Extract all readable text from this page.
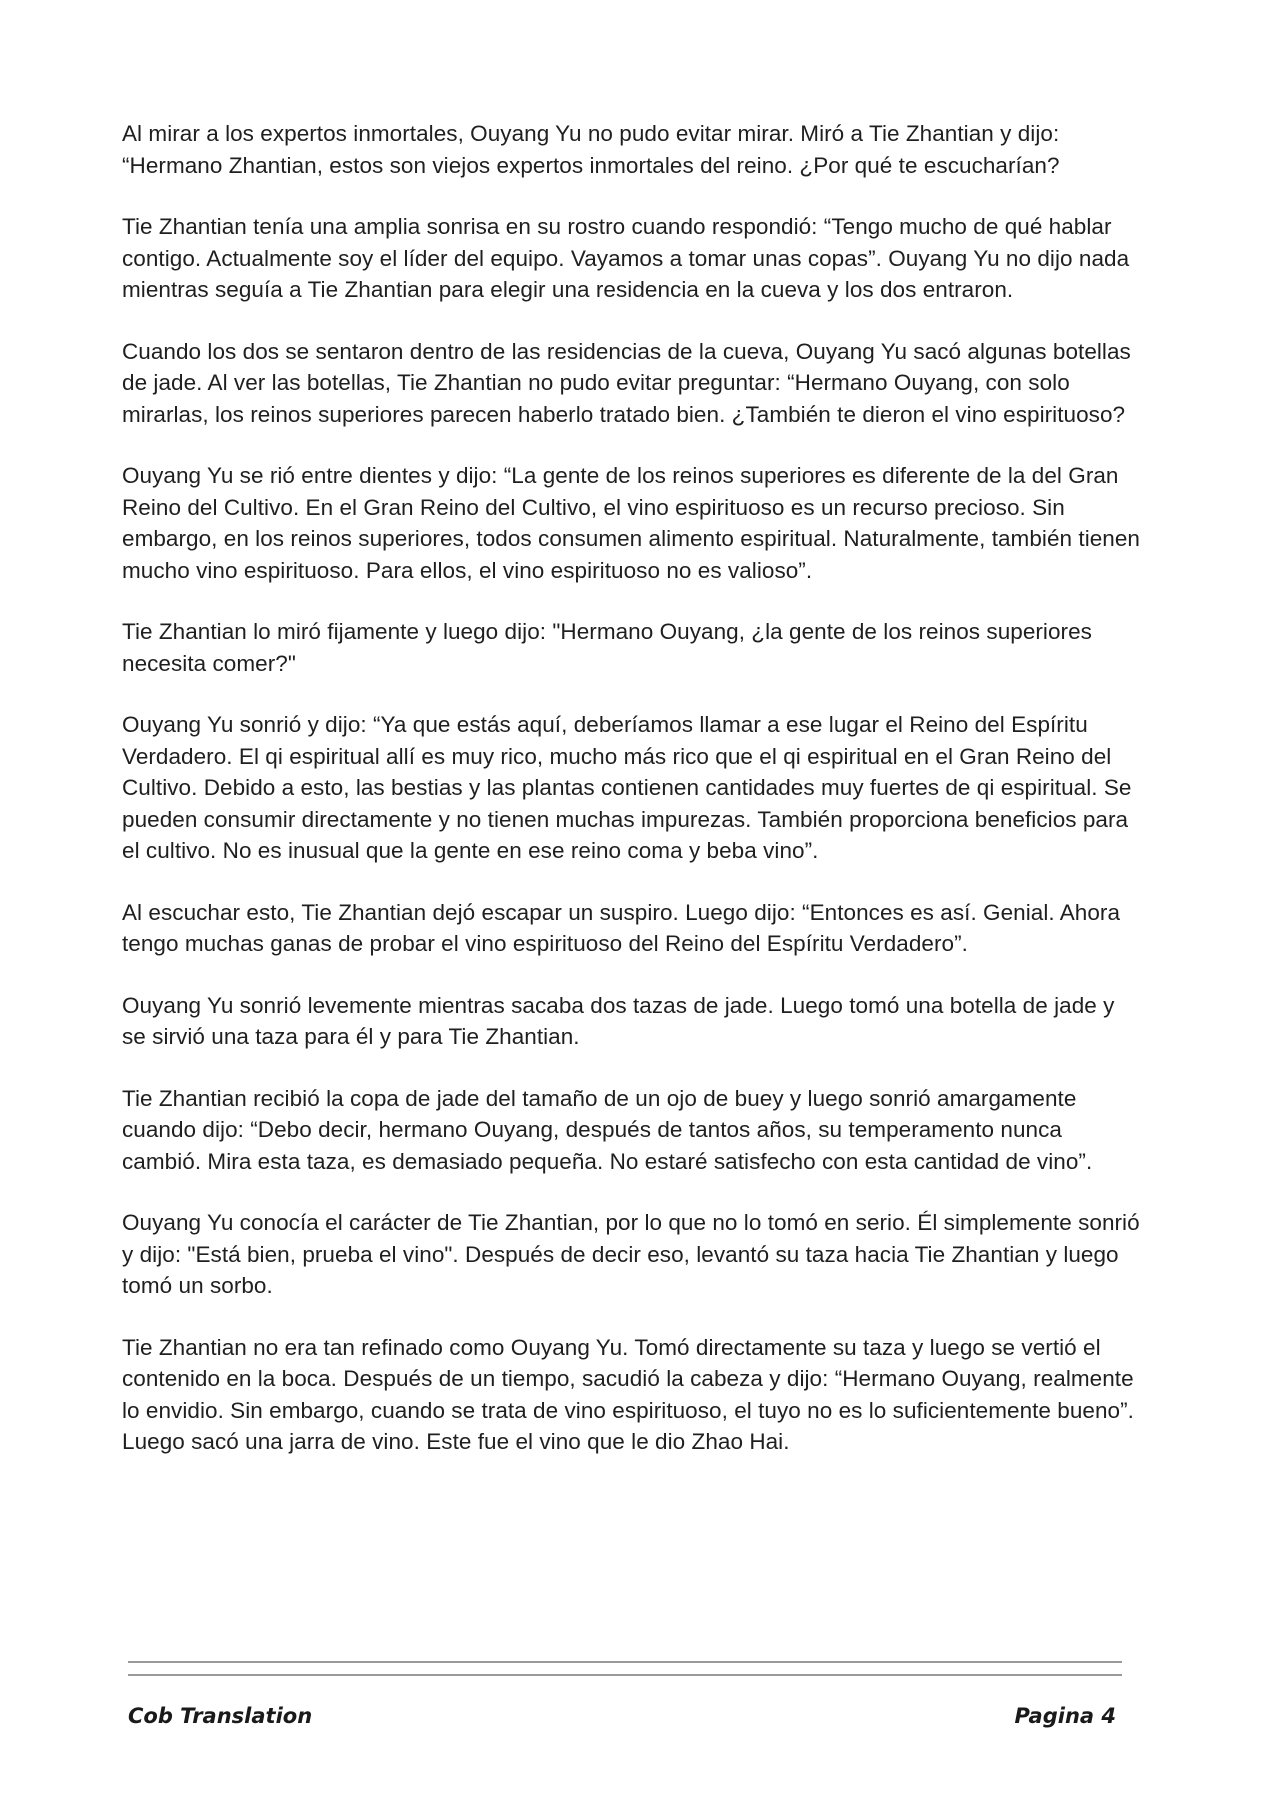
Al mirar a los expertos inmortales, Ouyang Yu no pudo evitar mirar. Miró a Tie Zhantian y dijo: “Hermano Zhantian, estos son viejos expertos inmortales del reino. ¿Por qué te escucharían?

Tie Zhantian tenía una amplia sonrisa en su rostro cuando respondió: “Tengo mucho de qué hablar contigo. Actualmente soy el líder del equipo. Vayamos a tomar unas copas”. Ouyang Yu no dijo nada mientras seguía a Tie Zhantian para elegir una residencia en la cueva y los dos entraron.

Cuando los dos se sentaron dentro de las residencias de la cueva, Ouyang Yu sacó algunas botellas de jade. Al ver las botellas, Tie Zhantian no pudo evitar preguntar: “Hermano Ouyang, con solo mirarlas, los reinos superiores parecen haberlo tratado bien. ¿También te dieron el vino espirituoso?

Ouyang Yu se rió entre dientes y dijo: “La gente de los reinos superiores es diferente de la del Gran Reino del Cultivo. En el Gran Reino del Cultivo, el vino espirituoso es un recurso precioso. Sin embargo, en los reinos superiores, todos consumen alimento espiritual. Naturalmente, también tienen mucho vino espirituoso. Para ellos, el vino espirituoso no es valioso”.

Tie Zhantian lo miró fijamente y luego dijo: "Hermano Ouyang, ¿la gente de los reinos superiores necesita comer?"

Ouyang Yu sonrió y dijo: “Ya que estás aquí, deberíamos llamar a ese lugar el Reino del Espíritu Verdadero. El qi espiritual allí es muy rico, mucho más rico que el qi espiritual en el Gran Reino del Cultivo. Debido a esto, las bestias y las plantas contienen cantidades muy fuertes de qi espiritual. Se pueden consumir directamente y no tienen muchas impurezas. También proporciona beneficios para el cultivo. No es inusual que la gente en ese reino coma y beba vino”.

Al escuchar esto, Tie Zhantian dejó escapar un suspiro. Luego dijo: “Entonces es así. Genial. Ahora tengo muchas ganas de probar el vino espirituoso del Reino del Espíritu Verdadero”.

Ouyang Yu sonrió levemente mientras sacaba dos tazas de jade. Luego tomó una botella de jade y se sirvió una taza para él y para Tie Zhantian.

Tie Zhantian recibió la copa de jade del tamaño de un ojo de buey y luego sonrió amargamente cuando dijo: “Debo decir, hermano Ouyang, después de tantos años, su temperamento nunca cambió. Mira esta taza, es demasiado pequeña. No estaré satisfecho con esta cantidad de vino”.

Ouyang Yu conocía el carácter de Tie Zhantian, por lo que no lo tomó en serio. Él simplemente sonrió y dijo: "Está bien, prueba el vino". Después de decir eso, levantó su taza hacia Tie Zhantian y luego tomó un sorbo.

Tie Zhantian no era tan refinado como Ouyang Yu. Tomó directamente su taza y luego se vertió el contenido en la boca. Después de un tiempo, sacudió la cabeza y dijo: “Hermano Ouyang, realmente lo envidio. Sin embargo, cuando se trata de vino espirituoso, el tuyo no es lo suficientemente bueno”. Luego sacó una jarra de vino. Este fue el vino que le dio Zhao Hai.

Cob Translation	Pagina 4
